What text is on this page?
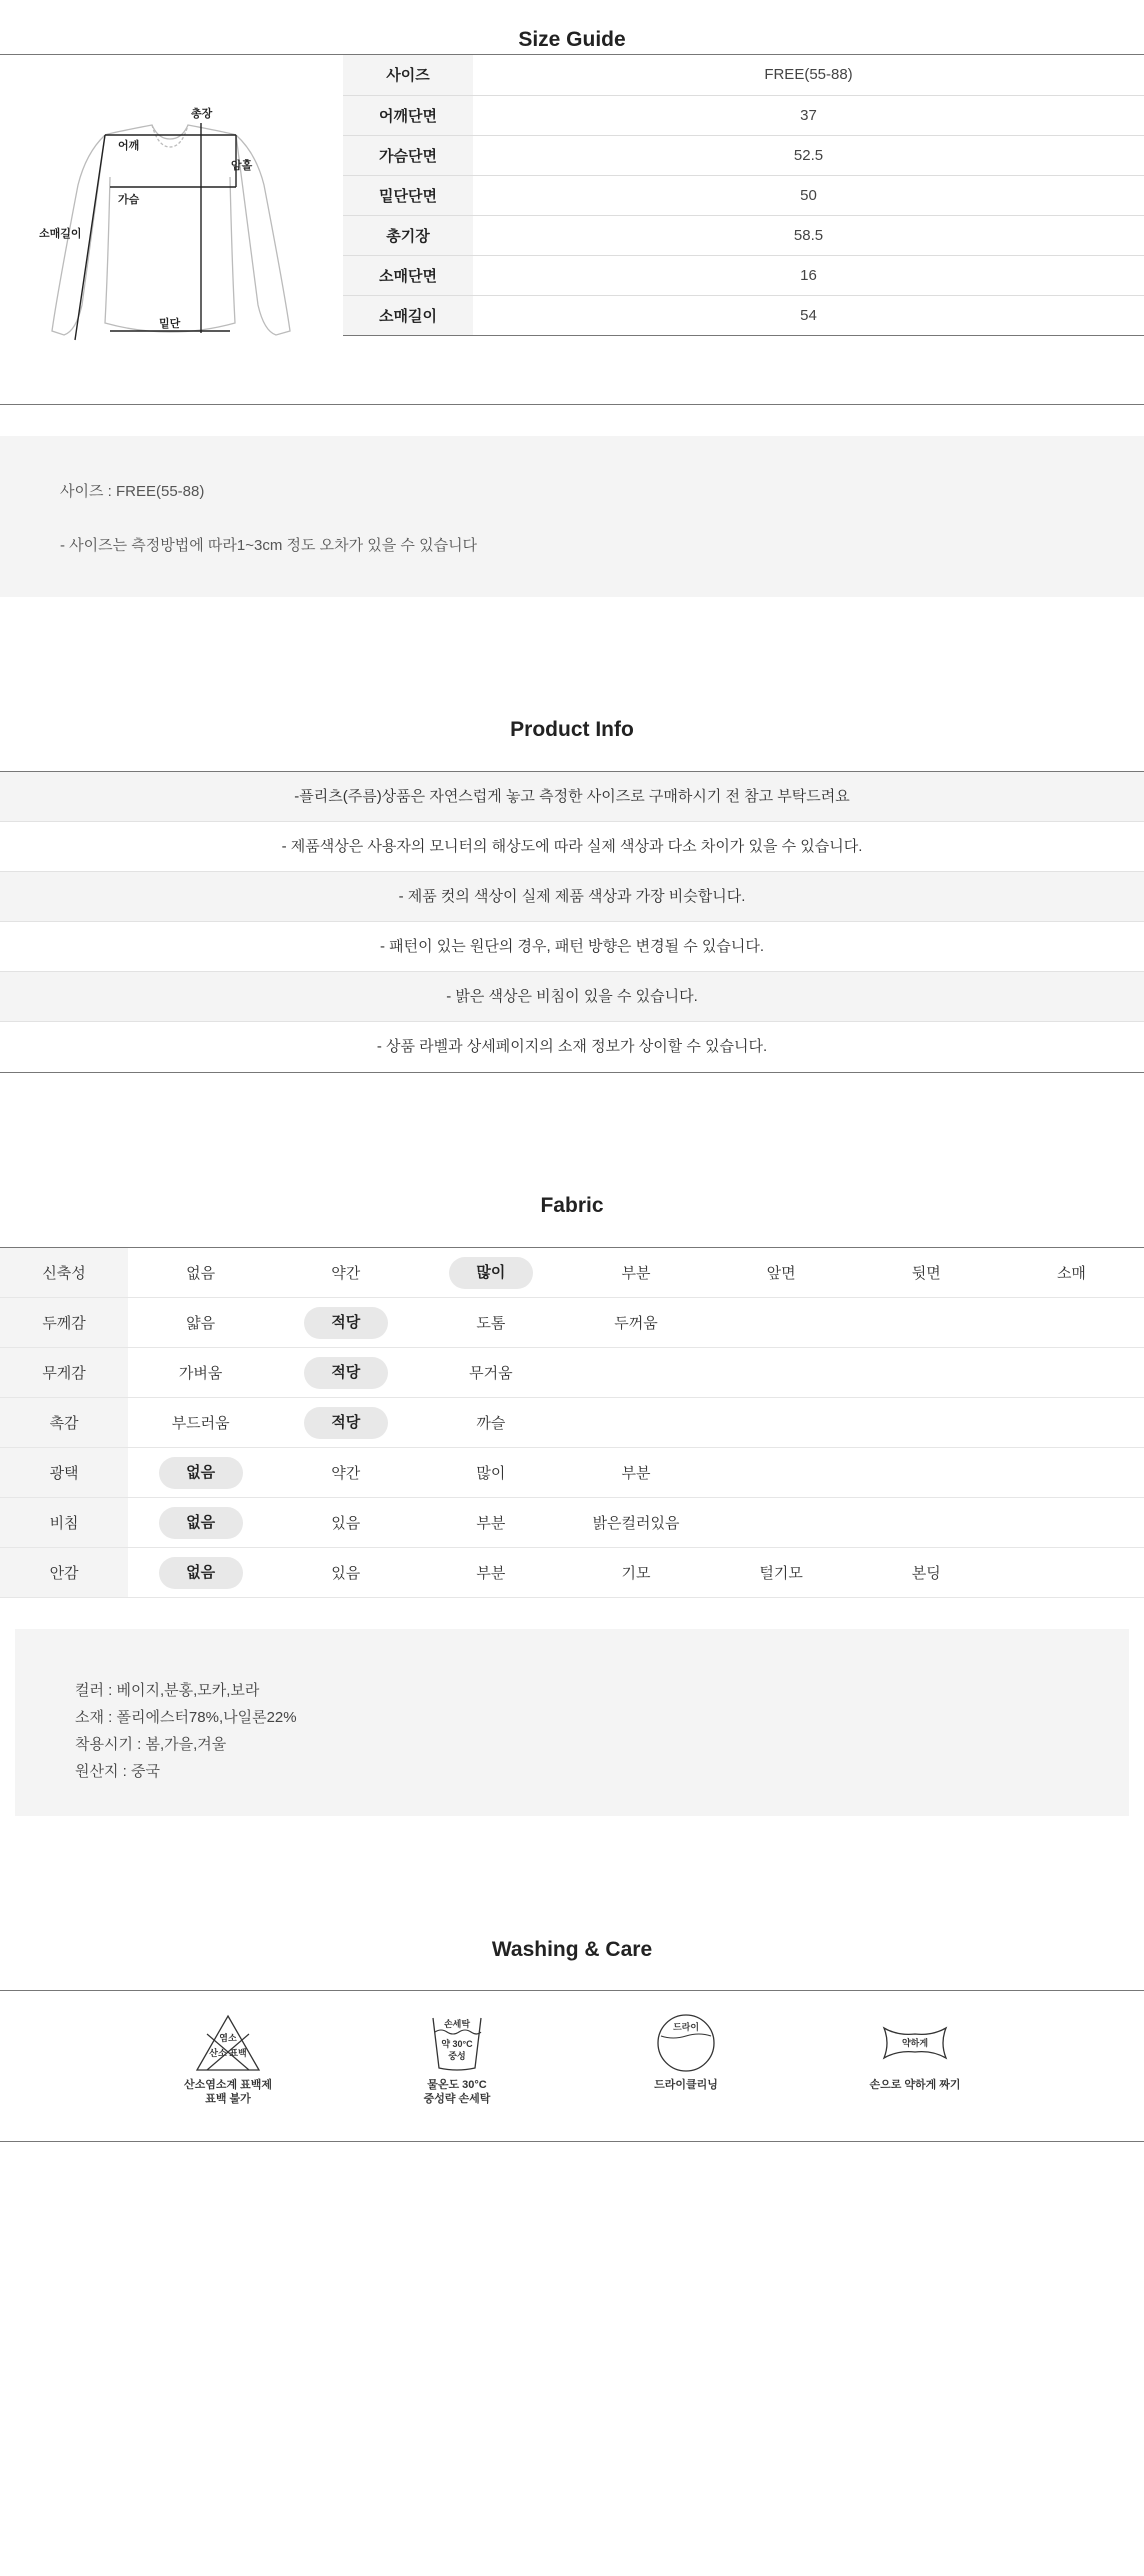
Size Guide
총장
어깨
암홀
가슴
소매길이
밑단
사이즈	FREE(55-88)
어깨단면	37
가슴단면	52.5
밑단단면	50
총기장	58.5
소매단면	16
소매길이	54

사이즈 : FREE(55-88)

- 사이즈는 측정방법에 따라1~3cm 정도 오차가 있을 수 있습니다

Product Info
-플리츠(주름)상품은 자연스럽게 놓고 측정한 사이즈로 구매하시기 전 참고 부탁드려요
- 제품색상은 사용자의 모니터의 해상도에 따라 실제 색상과 다소 차이가 있을 수 있습니다.
- 제품 컷의 색상이 실제 제품 색상과 가장 비슷합니다.
- 패턴이 있는 원단의 경우, 패턴 방향은 변경될 수 있습니다.
- 밝은 색상은 비침이 있을 수 있습니다.
- 상품 라벨과 상세페이지의 소재 정보가 상이할 수 있습니다.
Fabric
신축성	없음	약간	많이	부분	앞면	뒷면	소매
두께감	얇음	적당	도톰	두꺼움			
무게감	가벼움	적당	무거움				
촉감	부드러움	적당	까슬				
광택	없음	약간	많이	부분			
비침	없음	있음	부분	밝은컬러있음			
안감	없음	있음	부분	기모	털기모	본딩	

컬러 : 베이지,분홍,모카,보라

소재 : 폴리에스터78%,나일론22%

착용시기 : 봄,가을,겨울

원산지 : 중국

Washing & Care
염소
산소 표백
산소염소계 표백제
표백 불가
손세탁
약 30°C
중성
물온도 30°C
중성략 손세탁
드라이
드라이클리닝
약하게
손으로 약하게 짜기
